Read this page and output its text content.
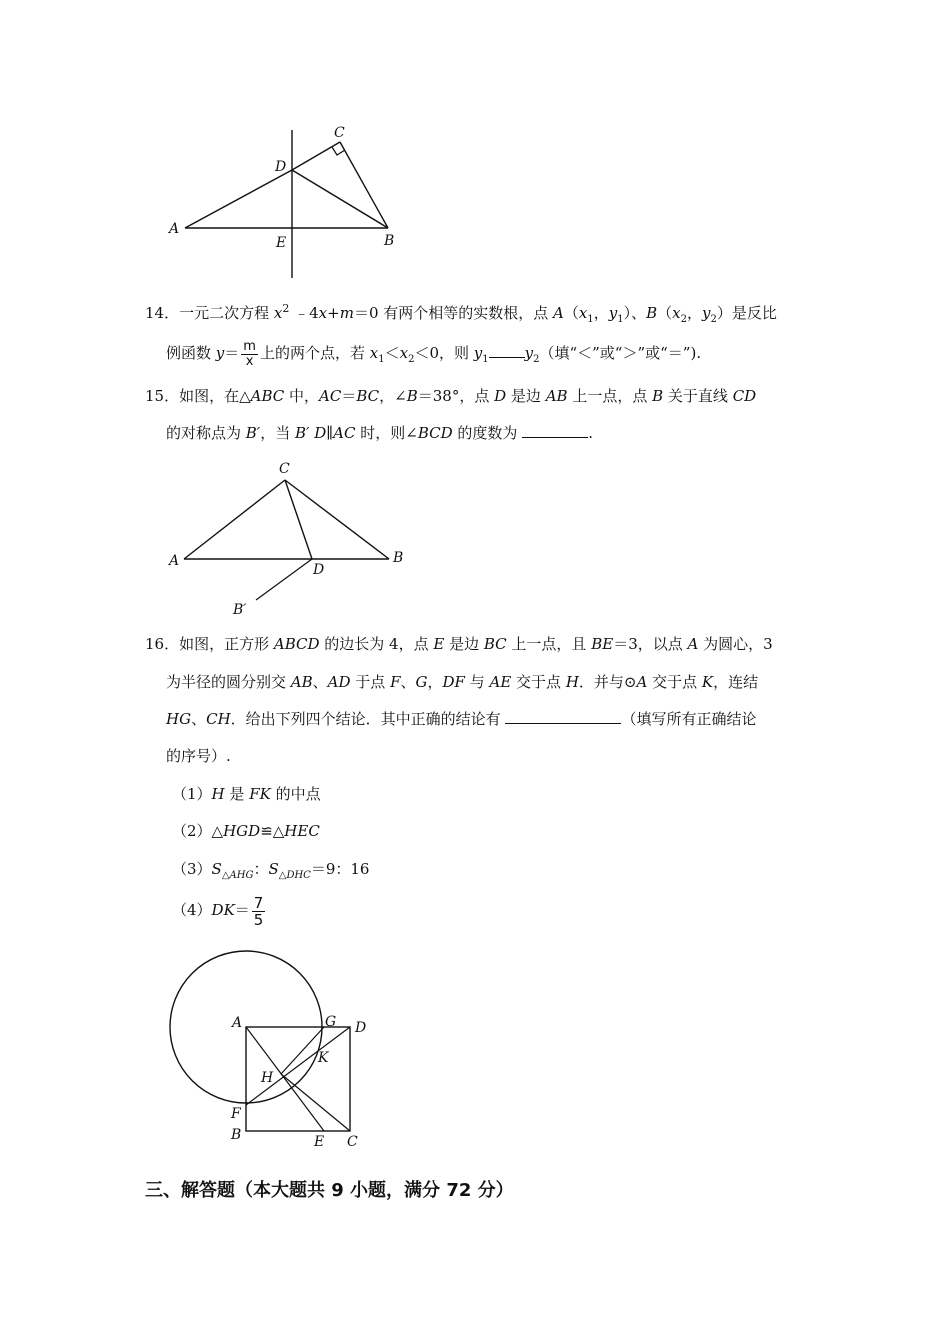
A
B
C
D
E
14．一元二次方程 $x^2$ ﹣4x+m＝0 有两个相等的实数根，点 $A(x_1$，$y_1$）、$B(x_2$，$y_2$）是反比
例函数 $y= \frac{m}{x}$ 上的两个点，若 $x_1<x_2<0$，则 $y_1$ $y_2$（填“＜”或“＞”或“＝”).
15．如图，在△ABC 中，AC＝BC，∠B＝38°，点 D 是边 AB 上一点，点 B 关于直线 CD
的对称点为 B′，当 B′ D∥AC 时，则∠BCD 的度数为	.
A	B
C
D
B′
16．如图，正方形 ABCD 的边长为 4，点 E 是边 BC 上一点，且 BE＝3，以点 A 为圆心，3
为半径的圆分别交 AB、AD 于点 F、G，DF 与 AE 交于点 H．并与⊙A 交于点 K，连结
HG、CH．给出下列四个结论．其中正确的结论有	（填写所有正确结论
的序号）.
（1）H 是 FK 的中点
（2）△HGD≌△HEC
$(3)S_{\triangle AHG}$：$S_{\triangle DHC}=9$：16
$(4)DK= \frac{7}{5}$
A
B	C
D
E
F
G
H
K
三、解答题（本大题共 9 小题，满分 72 分）
